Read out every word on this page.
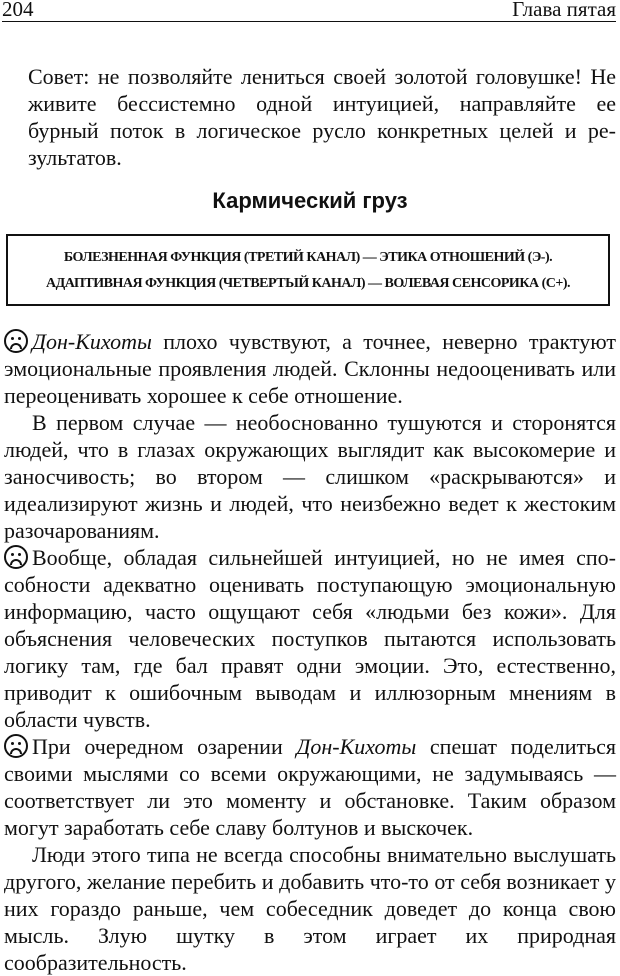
204	Глава пятая

Совет: не позволяйте лениться своей золотой головушке! Не живите бессистемно одной интуицией, направляйте ее бурный поток в логическое русло конкретных целей и результатов.

Кармический груз
БОЛЕЗНЕННАЯ ФУНКЦИЯ (ТРЕТИЙ КАНАЛ) — ЭТИКА ОТНОШЕНИЙ (Э-).
АДАПТИВНАЯ ФУНКЦИЯ (ЧЕТВЕРТЫЙ КАНАЛ) — ВОЛЕВАЯ СЕНСОРИКА (С+).

Дон-Кихоты плохо чувствуют, а точнее, неверно трактуют эмоциональные проявления людей. Склонны недооценивать или переоценивать хорошее к себе отношение.

В первом случае — необоснованно тушуются и сторонятся людей, что в глазах окружающих выглядит как высокомерие и заносчивость; во втором — слишком «раскрываются» и идеализируют жизнь и людей, что неизбежно ведет к жестоким разочарованиям.

Вообще, обладая сильнейшей интуицией, но не имея способности адекватно оценивать поступающую эмоциональную информацию, часто ощущают себя «людьми без кожи». Для объяснения человеческих поступков пытаются использовать логику там, где бал правят одни эмоции. Это, естественно, приводит к ошибочным выводам и иллюзорным мнениям в области чувств.

При очередном озарении Дон-Кихоты спешат поделиться своими мыслями со всеми окружающими, не задумываясь — соответствует ли это моменту и обстановке. Таким образом могут заработать себе славу болтунов и выскочек.

Люди этого типа не всегда способны внимательно выслушать другого, желание перебить и добавить что-то от себя возникает у них гораздо раньше, чем собеседник доведет до конца свою мысль. Злую шутку в этом играет их природная сообразительность.
